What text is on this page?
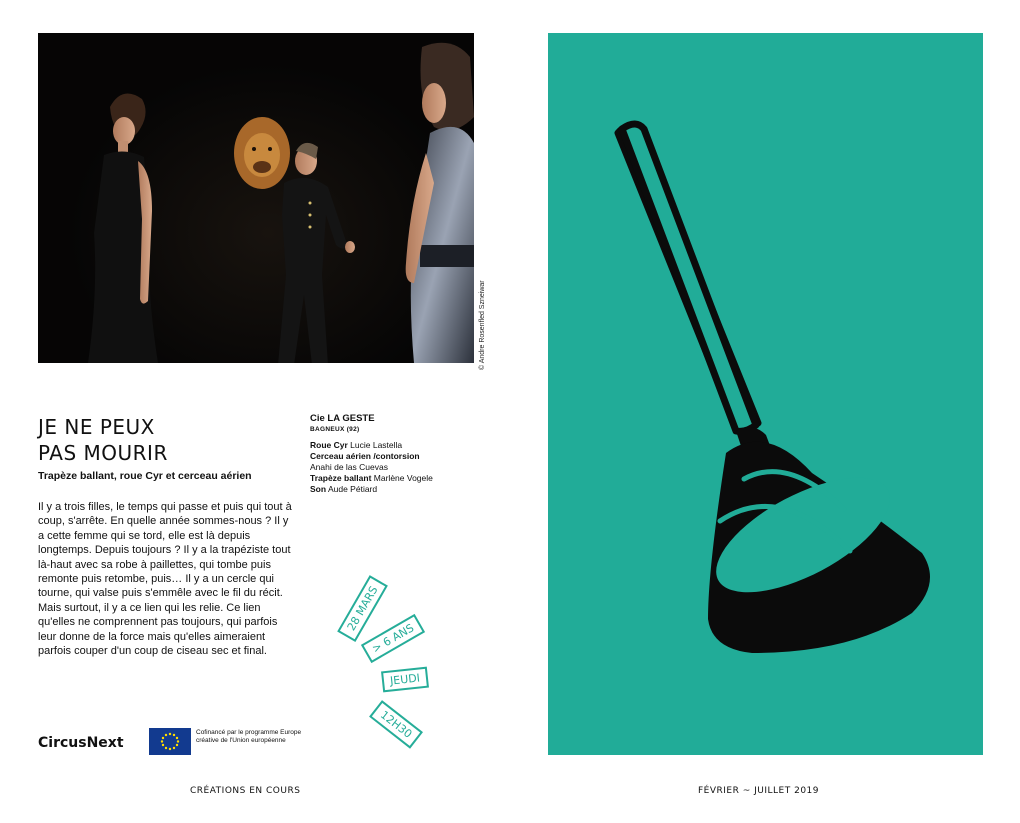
© Andre Rosenfled Szneiwar
JE NE PEUX
PAS MOURIR
Trapèze ballant, roue Cyr et cerceau aérien
Il y a trois filles, le temps qui passe et puis qui tout à coup, s'arrête. En quelle année sommes-nous ? Il y a cette femme qui se tord, elle est là depuis longtemps. Depuis toujours ? Il y a la trapéziste tout là-haut avec sa robe à paillettes, qui tombe puis remonte puis retombe, puis… Il y a un cercle qui tourne, qui valse puis s'emmêle avec le fil du récit. Mais surtout, il y a ce lien qui les relie. Ce lien qu'elles ne comprennent pas toujours, qui parfois leur donne de la force mais qu'elles aimeraient parfois couper d'un coup de ciseau sec et final.
Cie LA GESTE
BAGNEUX (92)
Roue Cyr Lucie Lastella
Cerceau aérien /contorsion
Anahi de las Cuevas
Trapèze ballant Marlène Vogele
Son Aude Pétiard
28 MARS
> 6 ANS
JEUDI
12H30
CircusNext
Cofinancé par le programme Europe créative de l'Union européenne
CRÉATIONS EN COURS	FÉVRIER ~ JUILLET 2019
